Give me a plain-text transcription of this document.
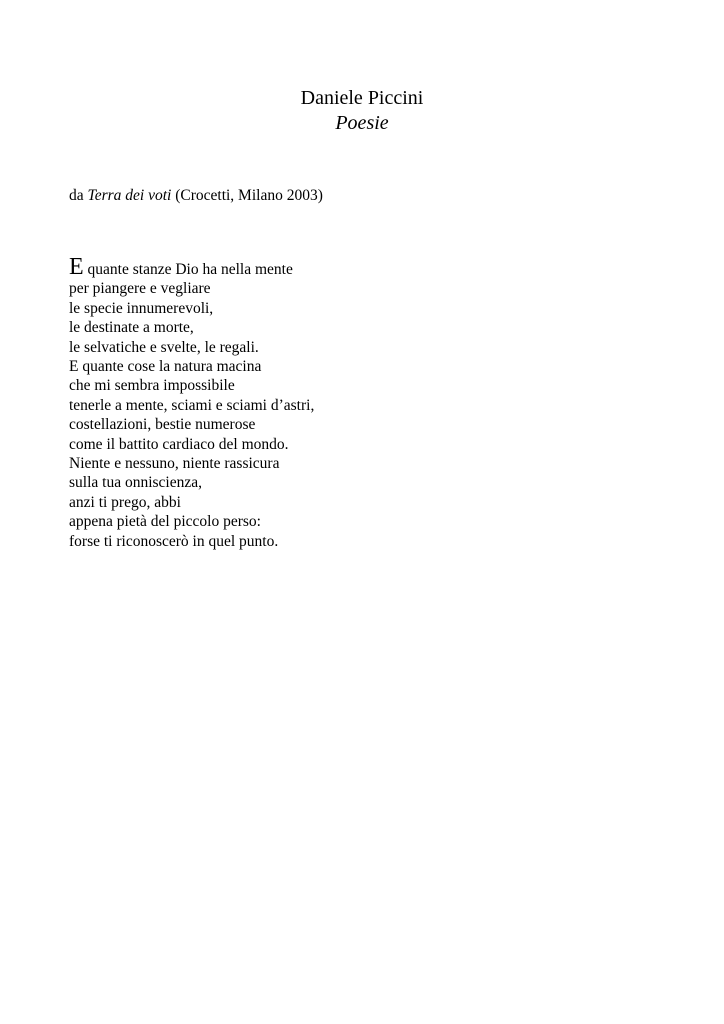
Daniele Piccini
Poesie
da Terra dei voti (Crocetti, Milano 2003)
E quante stanze Dio ha nella mente
per piangere e vegliare
le specie innumerevoli,
le destinate a morte,
le selvatiche e svelte, le regali.
E quante cose la natura macina
che mi sembra impossibile
tenerle a mente, sciami e sciami d’astri,
costellazioni, bestie numerose
come il battito cardiaco del mondo.
Niente e nessuno, niente rassicura
sulla tua onniscienza,
anzi ti prego, abbi
appena pietà del piccolo perso:
forse ti riconoscerò in quel punto.
